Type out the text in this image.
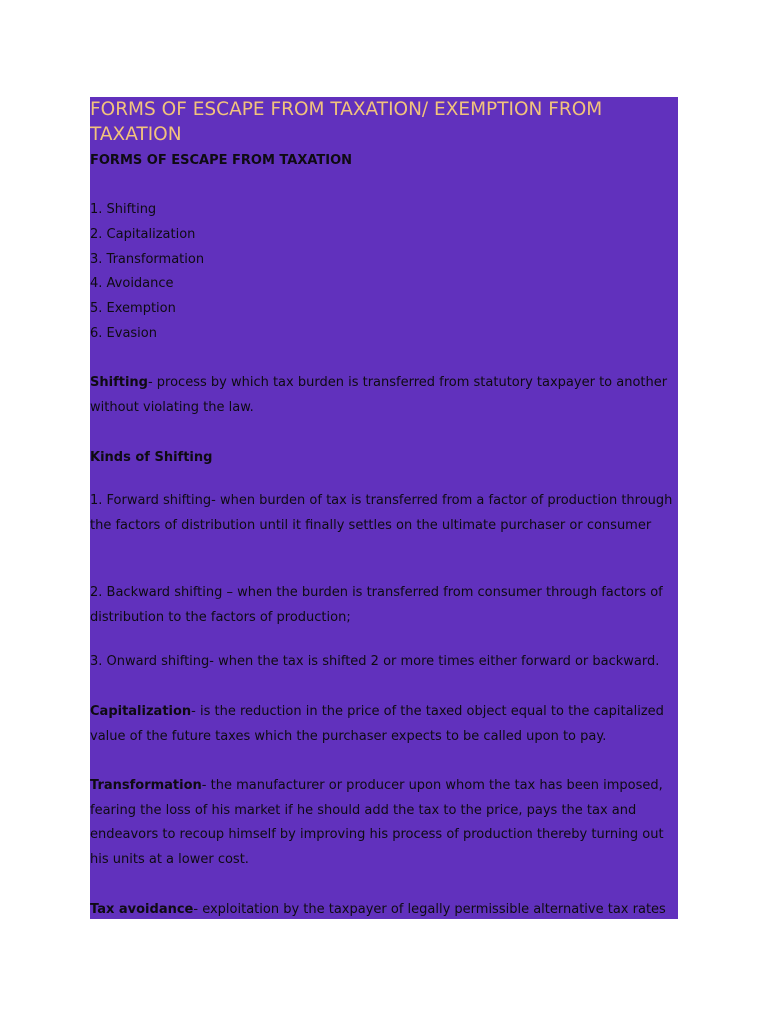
FORMS OF ESCAPE FROM TAXATION/ EXEMPTION FROM TAXATION

FORMS OF ESCAPE FROM TAXATION

1. Shifting

2. Capitalization

3. Transformation

4. Avoidance

5. Exemption

6. Evasion

Shifting- process by which tax burden is transferred from statutory taxpayer to another without violating the law.

Kinds of Shifting

1. Forward shifting- when burden of tax is transferred from a factor of production through the factors of distribution until it finally settles on the ultimate purchaser or consumer

2. Backward shifting – when the burden is transferred from consumer through factors of distribution to the factors of production;

3. Onward shifting- when the tax is shifted 2 or more times either forward or backward.

Capitalization- is the reduction in the price of the taxed object equal to the capitalized value of the future taxes which the purchaser expects to be called upon to pay.

Transformation- the manufacturer or producer upon whom the tax has been imposed, fearing the loss of his market if he should add the tax to the price, pays the tax and endeavors to recoup himself by improving his process of production thereby turning out his units at a lower cost.

Tax avoidance- exploitation by the taxpayer of legally permissible alternative tax rates
